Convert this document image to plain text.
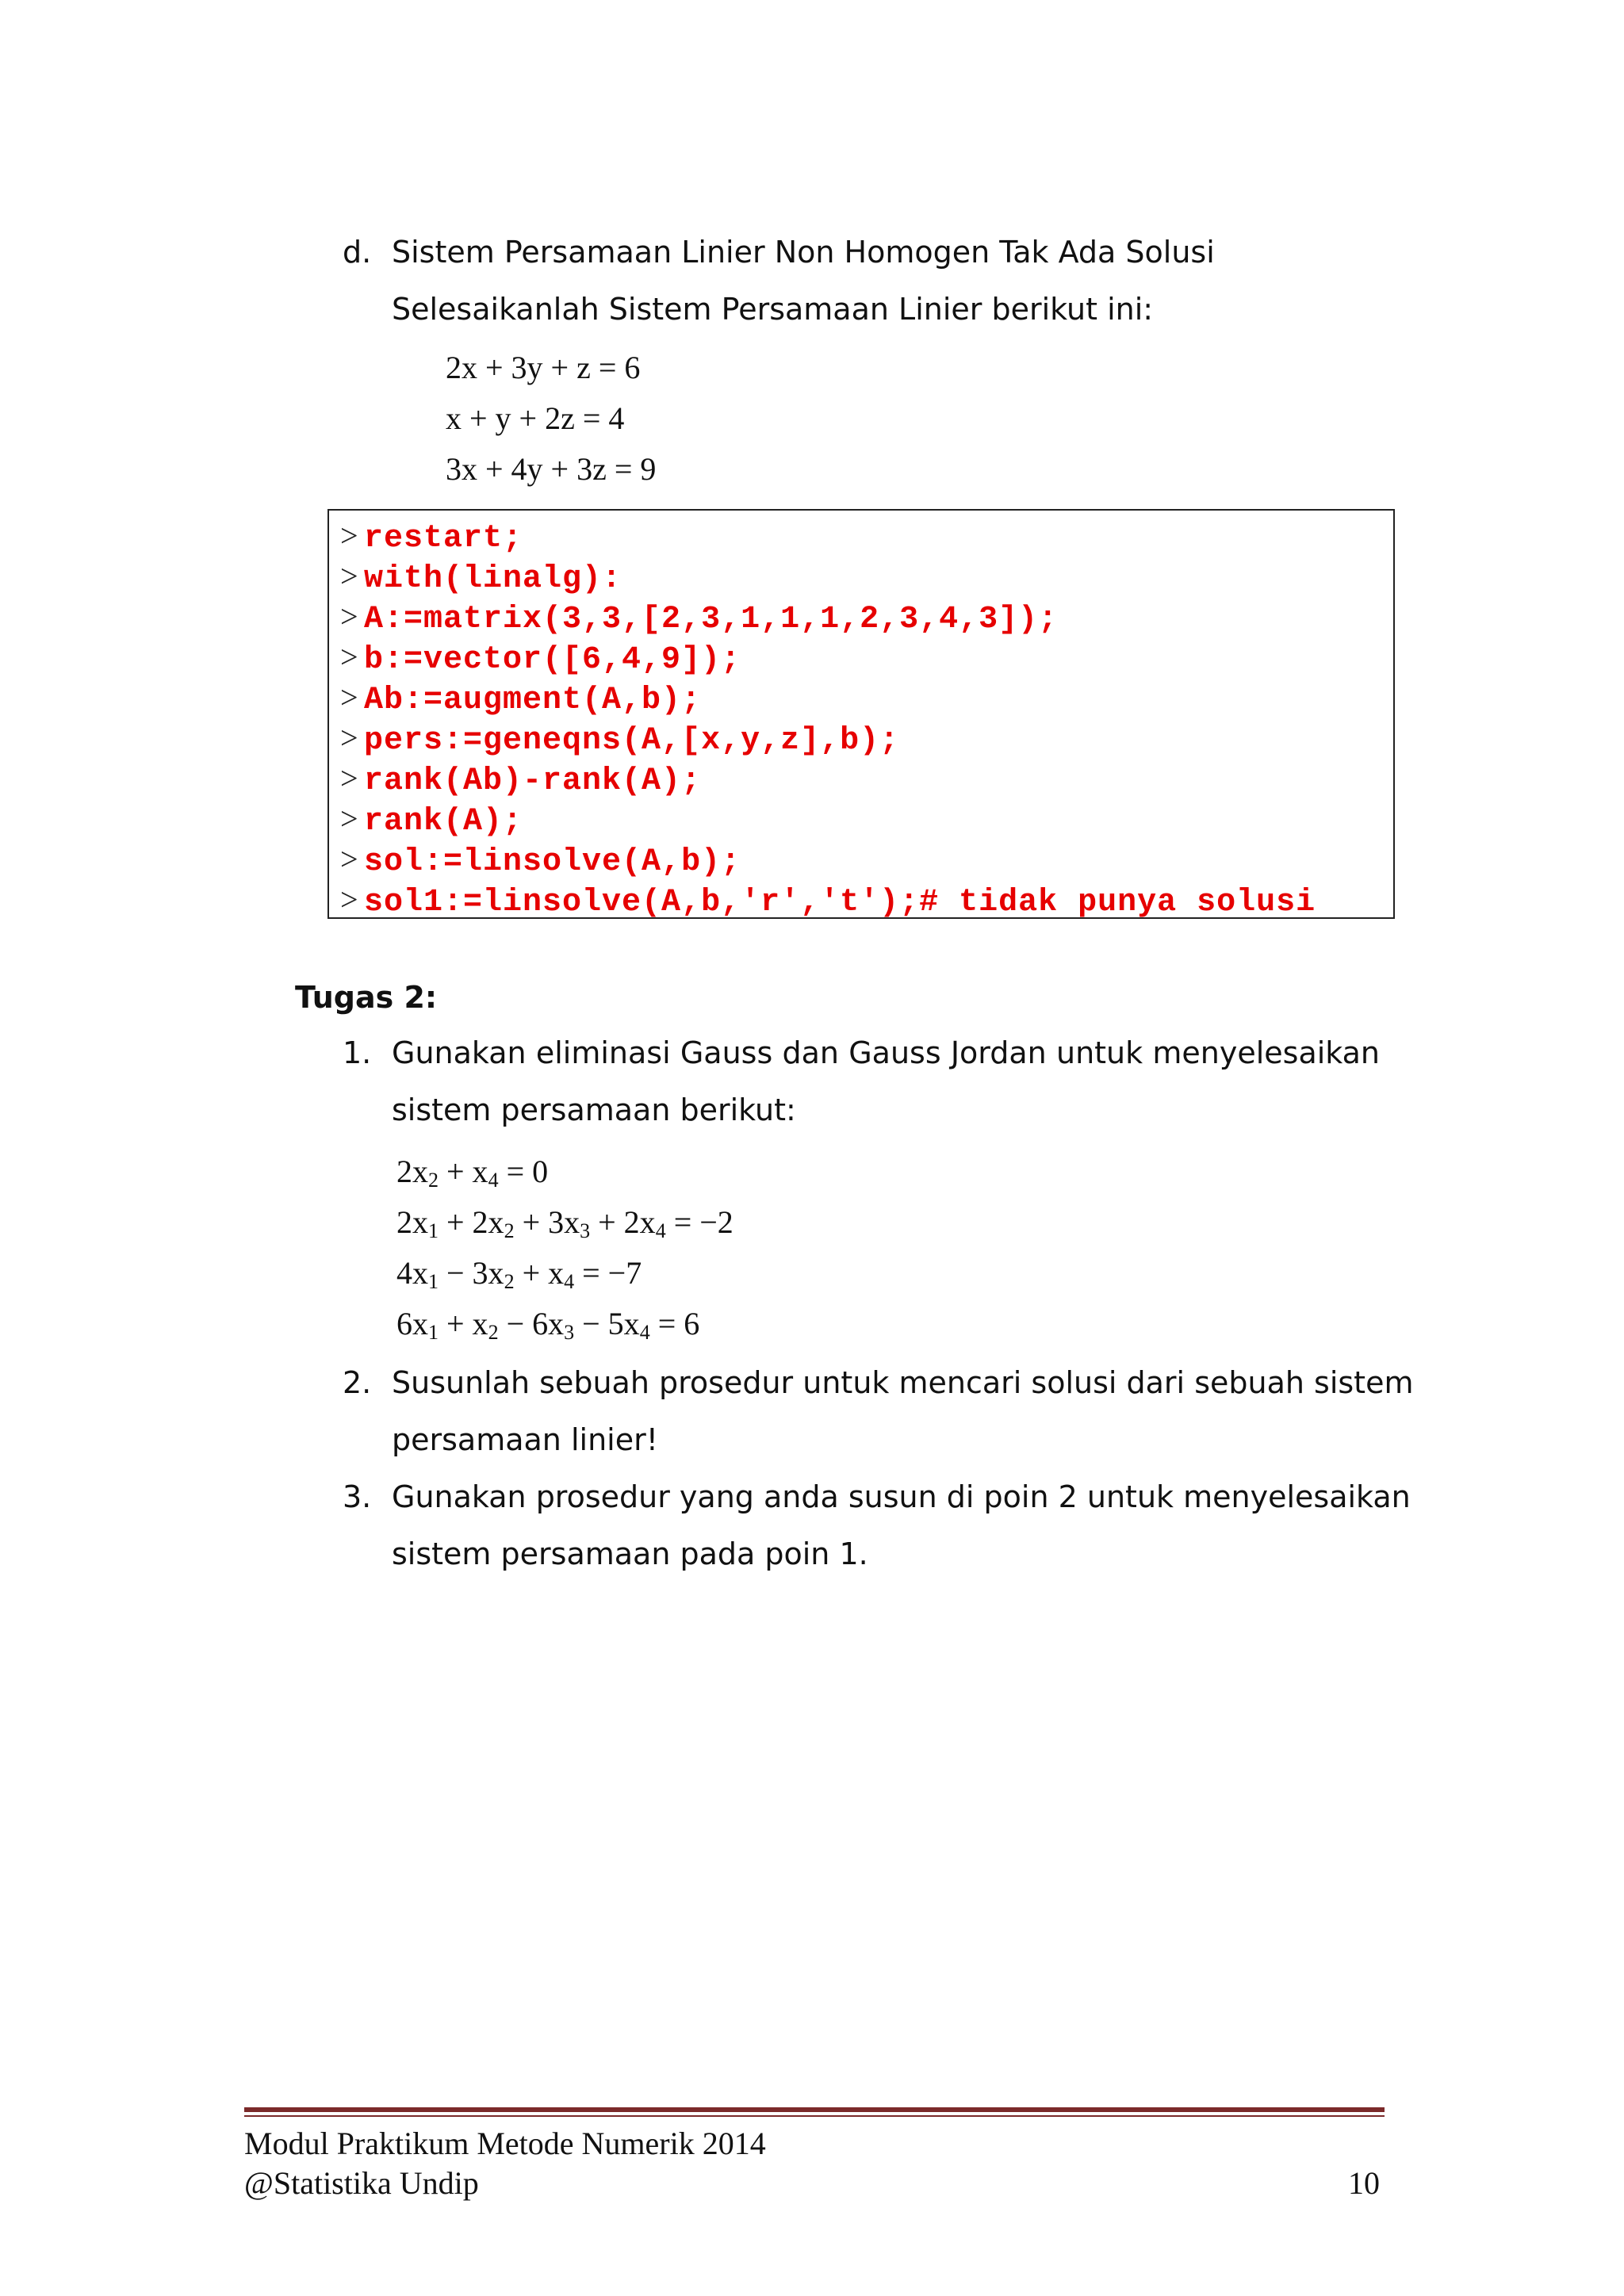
d. Sistem Persamaan Linier Non Homogen Tak Ada Solusi
Selesaikanlah Sistem Persamaan Linier berikut ini:
2x + 3y + z = 6
x + y + 2z = 4
3x + 4y + 3z = 9
> restart;
> with(linalg):
> A:=matrix(3,3,[2,3,1,1,1,2,3,4,3]);
> b:=vector([6,4,9]);
> Ab:=augment(A,b);
> pers:=geneqns(A,[x,y,z],b);
> rank(Ab)-rank(A);
> rank(A);
> sol:=linsolve(A,b);
> sol1:=linsolve(A,b,'r','t');# tidak punya solusi
Tugas 2:
1. Gunakan eliminasi Gauss dan Gauss Jordan untuk menyelesaikan
sistem persamaan berikut:
$2x_2 + x_4 = 0$
$2x_1 + 2x_2 + 3x_3 + 2x_4 = -2$
$4x_1 - 3x_2 + x_4 = -7$
$6x_1 + x_2 - 6x_3 - 5x_4 = 6$
2. Susunlah sebuah prosedur untuk mencari solusi dari sebuah sistem
persamaan linier!
3. Gunakan prosedur yang anda susun di poin 2 untuk menyelesaikan
sistem persamaan pada poin 1.
Modul Praktikum Metode Numerik 2014
@Statistika Undip	10
